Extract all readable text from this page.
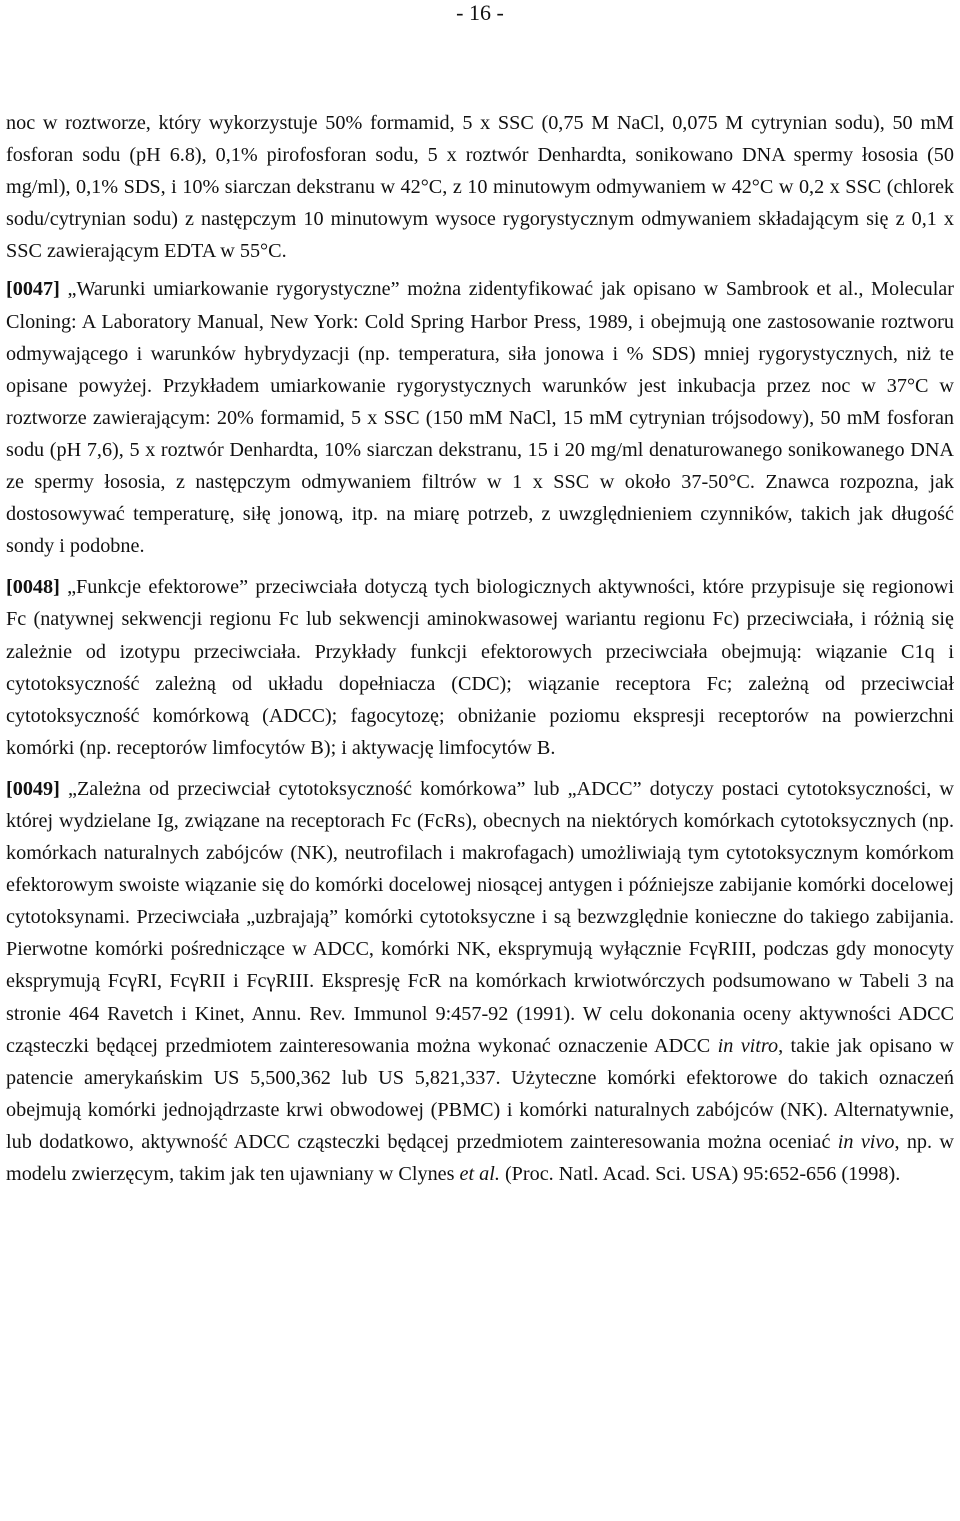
- 16 -

noc w roztworze, który wykorzystuje 50% formamid, 5 x SSC (0,75 M NaCl, 0,075 M cytrynian sodu), 50 mM fosforan sodu (pH 6.8), 0,1% pirofosforan sodu, 5 x roztwór Denhardta, sonikowano DNA spermy łososia (50 mg/ml), 0,1% SDS, i 10% siarczan dekstranu w 42°C, z 10 minutowym odmywaniem w 42°C w 0,2 x SSC (chlorek sodu/cytrynian sodu) z następczym 10 minutowym wysoce rygorystycznym odmywaniem składającym się z 0,1 x SSC zawierającym EDTA w 55°C.

[0047] „Warunki umiarkowanie rygorystyczne” można zidentyfikować jak opisano w Sambrook et al., Molecular Cloning: A Laboratory Manual, New York: Cold Spring Harbor Press, 1989, i obejmują one zastosowanie roztworu odmywającego i warunków hybrydyzacji (np. temperatura, siła jonowa i % SDS) mniej rygorystycznych, niż te opisane powyżej. Przykładem umiarkowanie rygorystycznych warunków jest inkubacja przez noc w 37°C w roztworze zawierającym: 20% formamid, 5 x SSC (150 mM NaCl, 15 mM cytrynian trójsodowy), 50 mM fosforan sodu (pH 7,6), 5 x roztwór Denhardta, 10% siarczan dekstranu, 15 i 20 mg/ml denaturowanego sonikowanego DNA ze spermy łososia, z następczym odmywaniem filtrów w 1 x SSC w około 37-50°C. Znawca rozpozna, jak dostosowywać temperaturę, siłę jonową, itp. na miarę potrzeb, z uwzględnieniem czynników, takich jak długość sondy i podobne.

[0048] „Funkcje efektorowe” przeciwciała dotyczą tych biologicznych aktywności, które przypisuje się regionowi Fc (natywnej sekwencji regionu Fc lub sekwencji aminokwasowej wariantu regionu Fc) przeciwciała, i różnią się zależnie od izotypu przeciwciała. Przykłady funkcji efektorowych przeciwciała obejmują: wiązanie C1q i cytotoksyczność zależną od układu dopełniacza (CDC); wiązanie receptora Fc; zależną od przeciwciał cytotoksyczność komórkową (ADCC); fagocytozę; obniżanie poziomu ekspresji receptorów na powierzchni komórki (np. receptorów limfocytów B); i aktywację limfocytów B.

[0049] „Zależna od przeciwciał cytotoksyczność komórkowa” lub „ADCC” dotyczy postaci cytotoksyczności, w której wydzielane Ig, związane na receptorach Fc (FcRs), obecnych na niektórych komórkach cytotoksycznych (np. komórkach naturalnych zabójców (NK), neutrofilach i makrofagach) umożliwiają tym cytotoksycznym komórkom efektorowym swoiste wiązanie się do komórki docelowej niosącej antygen i późniejsze zabijanie komórki docelowej cytotoksynami. Przeciwciała „uzbrajają” komórki cytotoksyczne i są bezwzględnie konieczne do takiego zabijania. Pierwotne komórki pośredniczące w ADCC, komórki NK, eksprymują wyłącznie FcγRIII, podczas gdy monocyty eksprymują FcγRI, FcγRII i FcγRIII. Ekspresję FcR na komórkach krwiotwórczych podsumowano w Tabeli 3 na stronie 464 Ravetch i Kinet, Annu. Rev. Immunol 9:457-92 (1991). W celu dokonania oceny aktywności ADCC cząsteczki będącej przedmiotem zainteresowania można wykonać oznaczenie ADCC in vitro, takie jak opisano w patencie amerykańskim US 5,500,362 lub US 5,821,337. Użyteczne komórki efektorowe do takich oznaczeń obejmują komórki jednojądrzaste krwi obwodowej (PBMC) i komórki naturalnych zabójców (NK). Alternatywnie, lub dodatkowo, aktywność ADCC cząsteczki będącej przedmiotem zainteresowania można oceniać in vivo, np. w modelu zwierzęcym, takim jak ten ujawniany w Clynes et al. (Proc. Natl. Acad. Sci. USA) 95:652-656 (1998).
